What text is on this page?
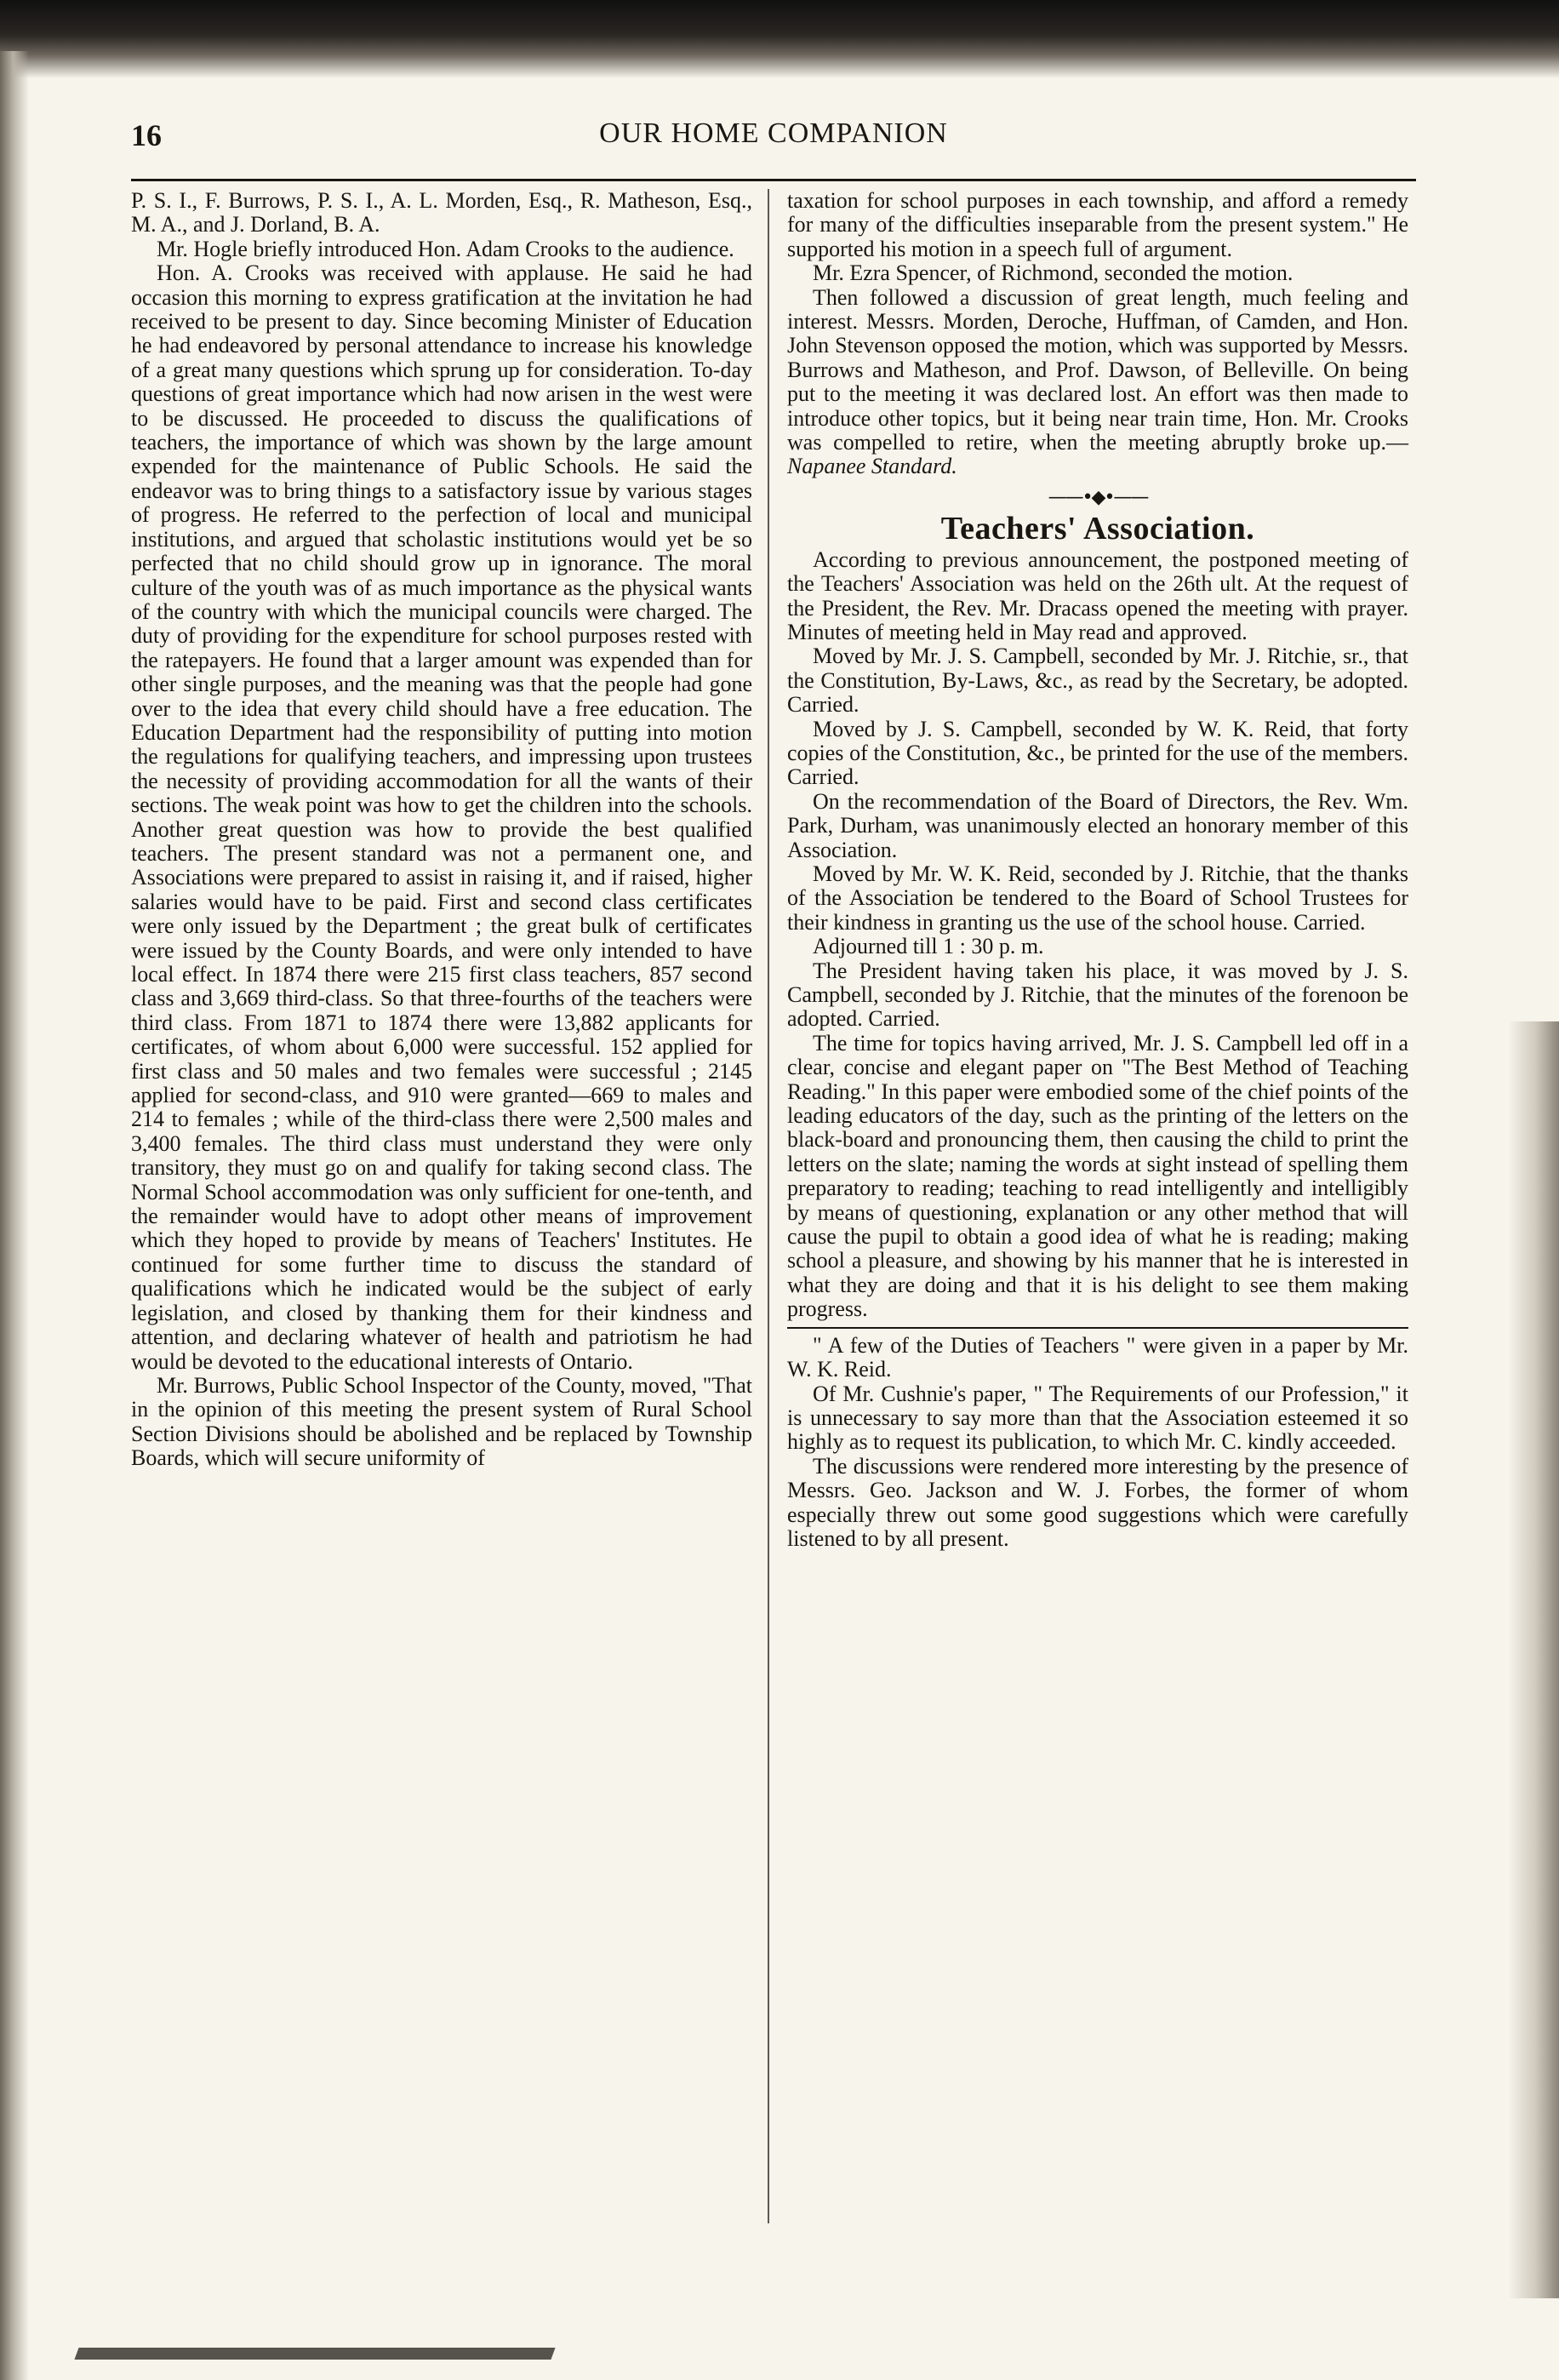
16	OUR HOME COMPANION

P. S. I., F. Burrows, P. S. I., A. L. Morden, Esq., R. Matheson, Esq., M. A., and J. Dorland, B. A.

Mr. Hogle briefly introduced Hon. Adam Crooks to the audience.

Hon. A. Crooks was received with applause. He said he had occasion this morning to express gratification at the invitation he had received to be present to day. Since becoming Minister of Education he had endeavored by personal attendance to increase his knowledge of a great many questions which sprung up for consideration. To-day questions of great importance which had now arisen in the west were to be discussed. He proceeded to discuss the qualifications of teachers, the importance of which was shown by the large amount expended for the maintenance of Public Schools. He said the endeavor was to bring things to a satisfactory issue by various stages of progress. He referred to the perfection of local and municipal institutions, and argued that scholastic institutions would yet be so perfected that no child should grow up in ignorance. The moral culture of the youth was of as much importance as the physical wants of the country with which the municipal councils were charged. The duty of providing for the expenditure for school purposes rested with the ratepayers. He found that a larger amount was expended than for other single purposes, and the meaning was that the people had gone over to the idea that every child should have a free education. The Education Department had the responsibility of putting into motion the regulations for qualifying teachers, and impressing upon trustees the necessity of providing accommodation for all the wants of their sections. The weak point was how to get the children into the schools. Another great question was how to provide the best qualified teachers. The present standard was not a permanent one, and Associations were prepared to assist in raising it, and if raised, higher salaries would have to be paid. First and second class certificates were only issued by the Department ; the great bulk of certificates were issued by the County Boards, and were only intended to have local effect. In 1874 there were 215 first class teachers, 857 second class and 3,669 third-class. So that three-fourths of the teachers were third class. From 1871 to 1874 there were 13,882 applicants for certificates, of whom about 6,000 were successful. 152 applied for first class and 50 males and two females were successful ; 2145 applied for second-class, and 910 were granted—669 to males and 214 to females ; while of the third-class there were 2,500 males and 3,400 females. The third class must understand they were only transitory, they must go on and qualify for taking second class. The Normal School accommodation was only sufficient for one-tenth, and the remainder would have to adopt other means of improvement which they hoped to provide by means of Teachers' Institutes. He continued for some further time to discuss the standard of qualifications which he indicated would be the subject of early legislation, and closed by thanking them for their kindness and attention, and declaring whatever of health and patriotism he had would be devoted to the educational interests of Ontario.

Mr. Burrows, Public School Inspector of the County, moved, "That in the opinion of this meeting the present system of Rural School Section Divisions should be abolished and be replaced by Township Boards, which will secure uniformity of

taxation for school purposes in each township, and afford a remedy for many of the difficulties inseparable from the present system." He supported his motion in a speech full of argument.

Mr. Ezra Spencer, of Richmond, seconded the motion.

Then followed a discussion of great length, much feeling and interest. Messrs. Morden, Deroche, Huffman, of Camden, and Hon. John Stevenson opposed the motion, which was supported by Messrs. Burrows and Matheson, and Prof. Dawson, of Belleville. On being put to the meeting it was declared lost. An effort was then made to introduce other topics, but it being near train time, Hon. Mr. Crooks was compelled to retire, when the meeting abruptly broke up.—Napanee Standard.

——•◆•——
Teachers' Association.

According to previous announcement, the postponed meeting of the Teachers' Association was held on the 26th ult. At the request of the President, the Rev. Mr. Dracass opened the meeting with prayer. Minutes of meeting held in May read and approved.

Moved by Mr. J. S. Campbell, seconded by Mr. J. Ritchie, sr., that the Constitution, By-Laws, &c., as read by the Secretary, be adopted. Carried.

Moved by J. S. Campbell, seconded by W. K. Reid, that forty copies of the Constitution, &c., be printed for the use of the members. Carried.

On the recommendation of the Board of Directors, the Rev. Wm. Park, Durham, was unanimously elected an honorary member of this Association.

Moved by Mr. W. K. Reid, seconded by J. Ritchie, that the thanks of the Association be tendered to the Board of School Trustees for their kindness in granting us the use of the school house. Carried.

Adjourned till 1 : 30 p. m.

The President having taken his place, it was moved by J. S. Campbell, seconded by J. Ritchie, that the minutes of the forenoon be adopted. Carried.

The time for topics having arrived, Mr. J. S. Campbell led off in a clear, concise and elegant paper on "The Best Method of Teaching Reading." In this paper were embodied some of the chief points of the leading educators of the day, such as the printing of the letters on the black-board and pronouncing them, then causing the child to print the letters on the slate; naming the words at sight instead of spelling them preparatory to reading; teaching to read intelligently and intelligibly by means of questioning, explanation or any other method that will cause the pupil to obtain a good idea of what he is reading; making school a pleasure, and showing by his manner that he is interested in what they are doing and that it is his delight to see them making progress.

" A few of the Duties of Teachers " were given in a paper by Mr. W. K. Reid.

Of Mr. Cushnie's paper, " The Requirements of our Profession," it is unnecessary to say more than that the Association esteemed it so highly as to request its publication, to which Mr. C. kindly acceeded.

The discussions were rendered more interesting by the presence of Messrs. Geo. Jackson and W. J. Forbes, the former of whom especially threw out some good suggestions which were carefully listened to by all present.
